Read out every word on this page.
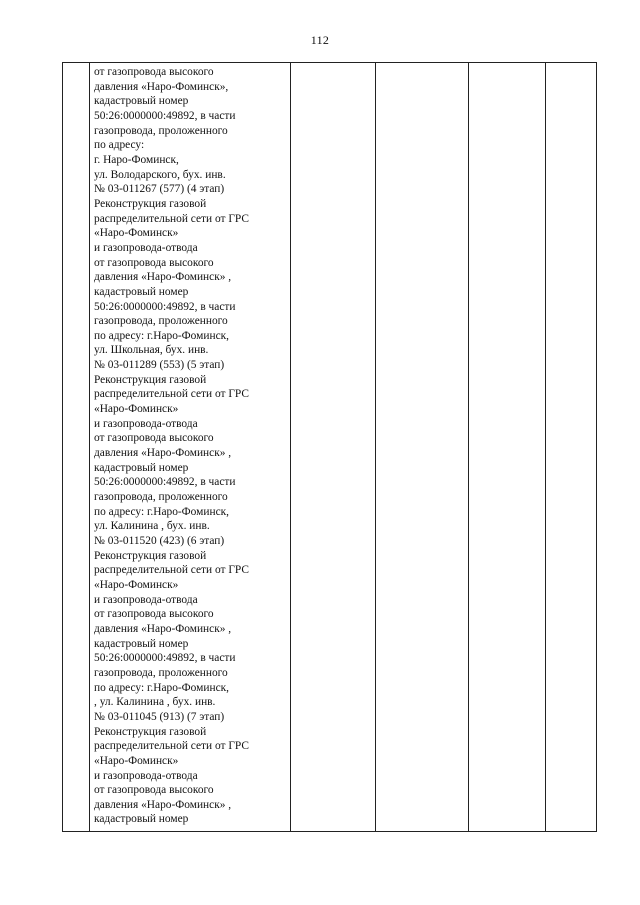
112

от газопровода высокого
давления «Наро-Фоминск»,
кадастровый номер
50:26:0000000:49892, в части
газопровода, проложенного
по адресу:
г. Наро-Фоминск,
ул. Володарского, бух. инв.
№ 03-011267 (577) (4 этап)
Реконструкция газовой
распределительной сети от ГРС
«Наро-Фоминск»
и газопровода-отвода
от газопровода высокого
давления «Наро-Фоминск» ,
кадастровый номер
50:26:0000000:49892, в части
газопровода, проложенного
по адресу: г.Наро-Фоминск,
ул. Школьная, бух. инв.
№ 03-011289 (553) (5 этап)
Реконструкция газовой
распределительной сети от ГРС
«Наро-Фоминск»
и газопровода-отвода
от газопровода высокого
давления «Наро-Фоминск» ,
кадастровый номер
50:26:0000000:49892, в части
газопровода, проложенного
по адресу: г.Наро-Фоминск,
ул. Калинина , бух. инв.
№ 03-011520 (423) (6 этап)
Реконструкция газовой
распределительной сети от ГРС
«Наро-Фоминск»
и газопровода-отвода
от газопровода высокого
давления «Наро-Фоминск» ,
кадастровый номер
50:26:0000000:49892, в части
газопровода, проложенного
по адресу: г.Наро-Фоминск,
, ул. Калинина , бух. инв.
№ 03-011045 (913) (7 этап)
Реконструкция газовой
распределительной сети от ГРС
«Наро-Фоминск»
и газопровода-отвода
от газопровода высокого
давления «Наро-Фоминск» ,
кадастровый номер
